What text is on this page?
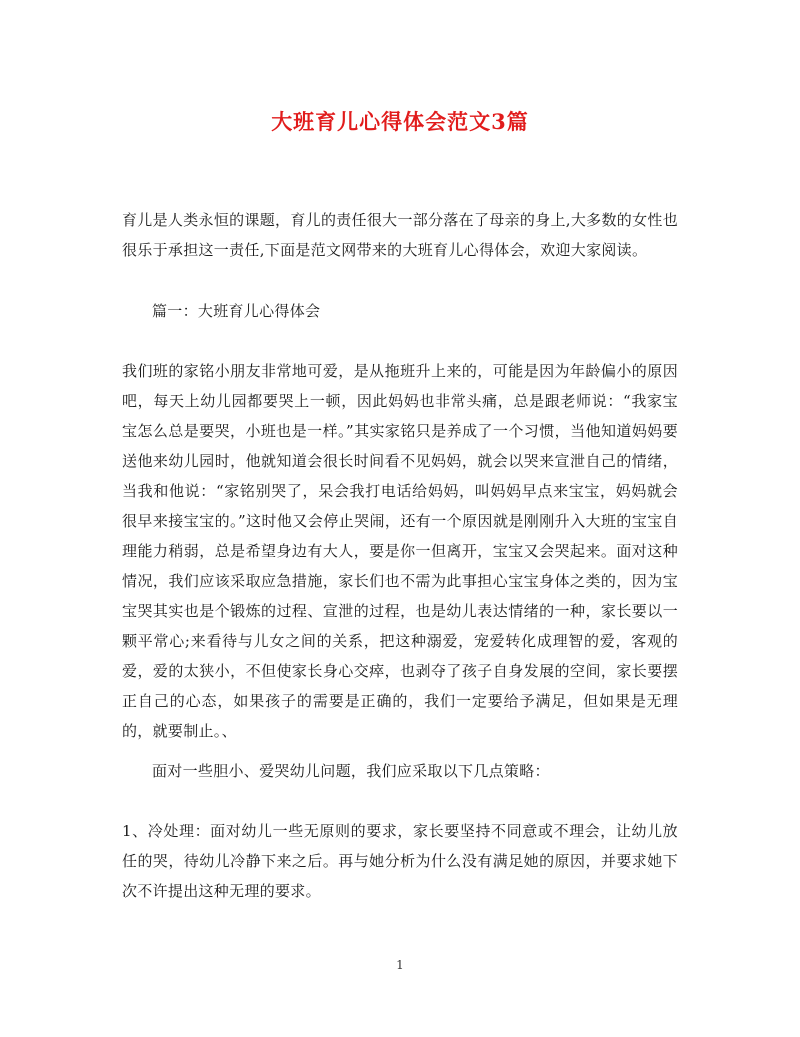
大班育儿心得体会范文3篇

育儿是人类永恒的课题，育儿的责任很大一部分落在了母亲的身上,大多数的女性也很乐于承担这一责任,下面是范文网带来的大班育儿心得体会，欢迎大家阅读。

篇一：大班育儿心得体会

我们班的家铭小朋友非常地可爱，是从拖班升上来的，可能是因为年龄偏小的原因吧，每天上幼儿园都要哭上一顿，因此妈妈也非常头痛，总是跟老师说：“我家宝宝怎么总是要哭，小班也是一样。”其实家铭只是养成了一个习惯，当他知道妈妈要送他来幼儿园时，他就知道会很长时间看不见妈妈，就会以哭来宣泄自己的情绪，当我和他说：“家铭别哭了，呆会我打电话给妈妈，叫妈妈早点来宝宝，妈妈就会很早来接宝宝的。”这时他又会停止哭闹，还有一个原因就是刚刚升入大班的宝宝自理能力稍弱，总是希望身边有大人，要是你一但离开，宝宝又会哭起来。面对这种情况，我们应该采取应急措施，家长们也不需为此事担心宝宝身体之类的，因为宝宝哭其实也是个锻炼的过程、宣泄的过程，也是幼儿表达情绪的一种，家长要以一颗平常心;来看待与儿女之间的关系，把这种溺爱，宠爱转化成理智的爱，客观的爱，爱的太狭小，不但使家长身心交瘁，也剥夺了孩子自身发展的空间，家长要摆正自己的心态，如果孩子的需要是正确的，我们一定要给予满足，但如果是无理的，就要制止。、

面对一些胆小、爱哭幼儿问题，我们应采取以下几点策略：

1、冷处理：面对幼儿一些无原则的要求，家长要坚持不同意或不理会，让幼儿放任的哭，待幼儿冷静下来之后。再与她分析为什么没有满足她的原因，并要求她下次不许提出这种无理的要求。

1
